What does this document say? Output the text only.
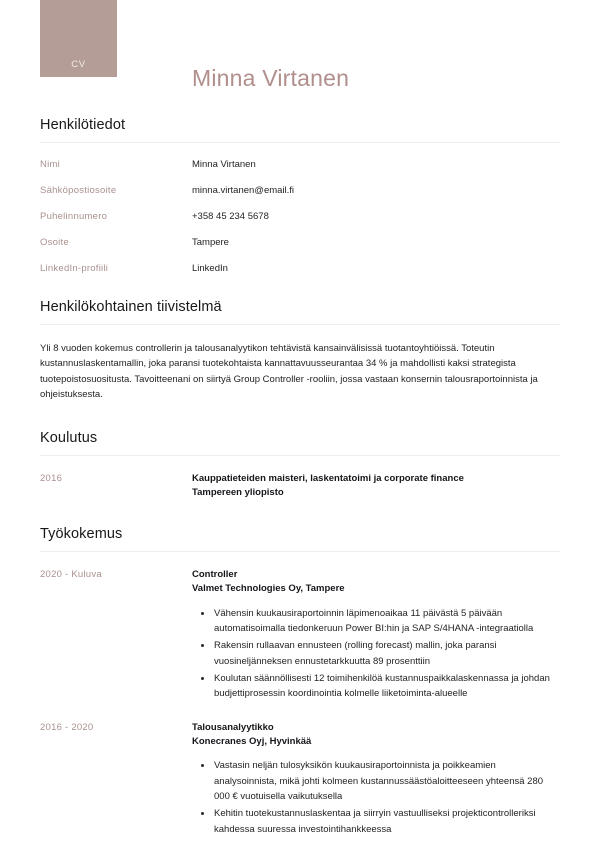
CV
Minna Virtanen
Henkilötiedot
Nimi	Minna Virtanen
Sähköpostiosoite	minna.virtanen@email.fi
Puhelinnumero	+358 45 234 5678
Osoite	Tampere
LinkedIn-profiili	LinkedIn
Henkilökohtainen tiivistelmä

Yli 8 vuoden kokemus controllerin ja talousanalyytikon tehtävistä kansainvälisissä tuotantoyhtiöissä. Toteutin kustannuslaskentamallin, joka paransi tuotekohtaista kannattavuusseurantaa 34 % ja mahdollisti kaksi strategista tuotepoistosuositusta. Tavoitteenani on siirtyä Group Controller -rooliin, jossa vastaan konsernin talousraportoinnista ja ohjeistuksesta.

Koulutus
2016	Kauppatieteiden maisteri, laskentatoimi ja corporate finance
Tampereen yliopisto
Työkokemus
2020 - Kuluva	Controller
Valmet Technologies Oy, Tampere
Vähensin kuukausiraportoinnin läpimenoaikaa 11 päivästä 5 päivään automatisoimalla tiedonkeruun Power BI:hin ja SAP S/4HANA -integraatiolla
Rakensin rullaavan ennusteen (rolling forecast) mallin, joka paransi vuosineljänneksen ennustetarkkuutta 89 prosenttiin
Koulutan säännöllisesti 12 toimihenkilöä kustannuspaikkalaskennassa ja johdan budjettiprosessin koordinointia kolmelle liiketoiminta-alueelle
2016 - 2020	Talousanalyytikko
Konecranes Oyj, Hyvinkää
Vastasin neljän tulosyksikön kuukausiraportoinnista ja poikkeamien analysoinnista, mikä johti kolmeen kustannussäästöaloitteeseen yhteensä 280 000 € vuotuisella vaikutuksella
Kehitin tuotekustannuslaskentaa ja siirryin vastuulliseksi projekticontrolleriksi kahdessa suuressa investointihankkeessa
